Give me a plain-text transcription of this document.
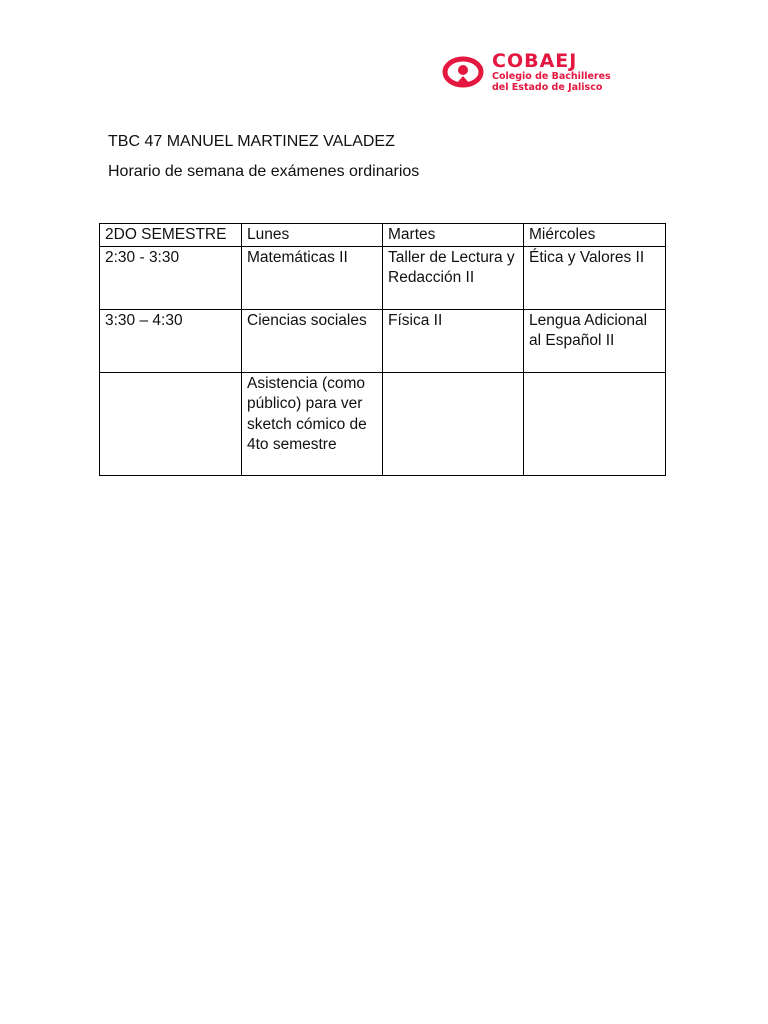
COBAEJ
Colegio de Bachilleres
del Estado de Jalisco
TBC 47 MANUEL MARTINEZ VALADEZ
Horario de semana de exámenes ordinarios
2DO SEMESTRE	Lunes	Martes	Miércoles
2:30 - 3:30	Matemáticas II	Taller de Lectura y Redacción II	Ética y Valores II
3:30 – 4:30	Ciencias sociales	Física II	Lengua Adicional al Español II
	Asistencia (como público) para ver sketch cómico de 4to semestre		
